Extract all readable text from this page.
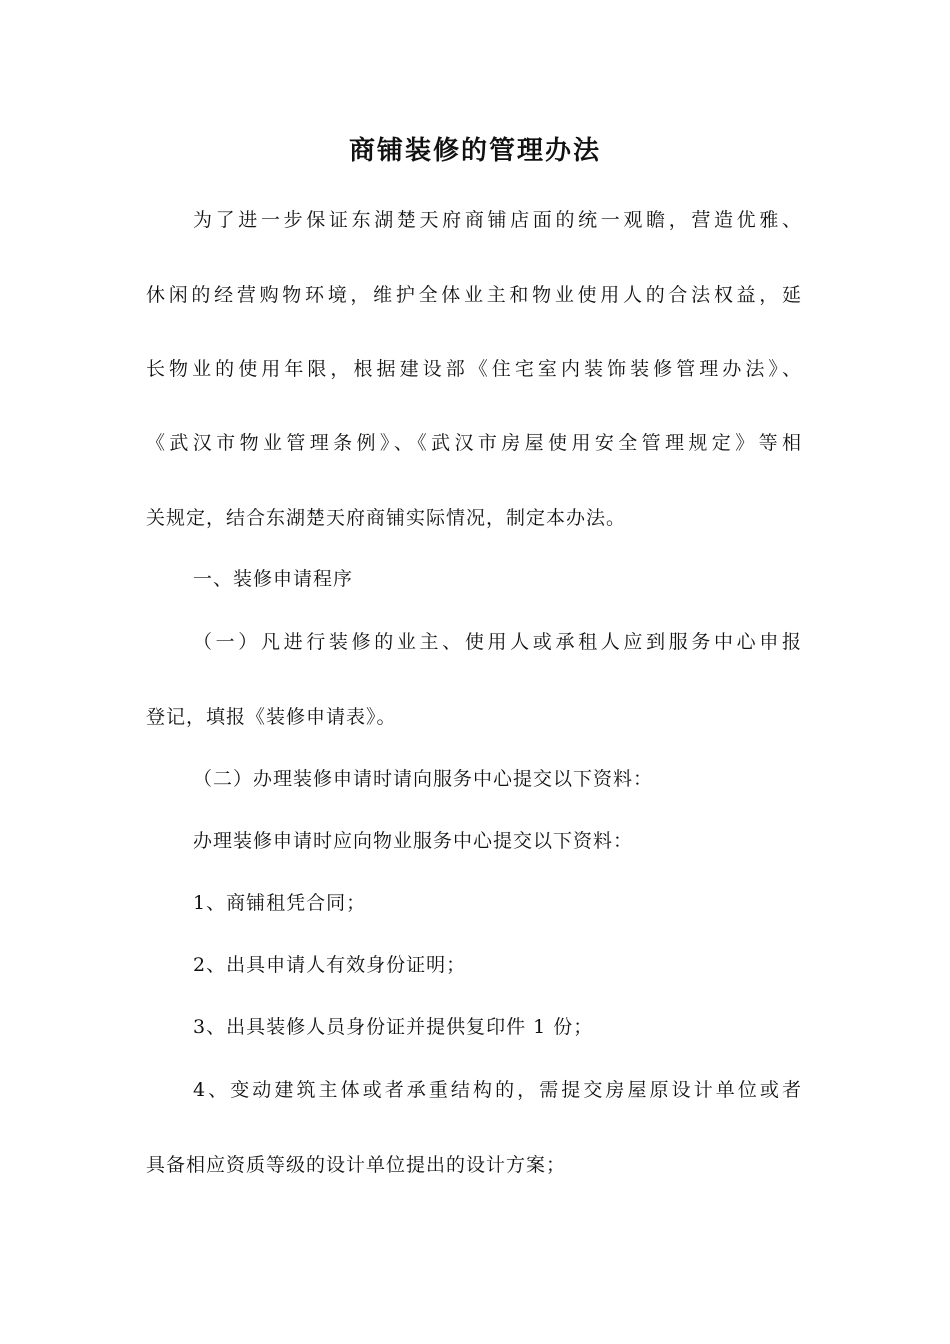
商铺装修的管理办法
为了进一步保证东湖楚天府商铺店面的统一观瞻，营造优雅、
休闲的经营购物环境，维护全体业主和物业使用人的合法权益，延
长物业的使用年限，根据建设部《住宅室内装饰装修管理办法》、
《武汉市物业管理条例》、《武汉市房屋使用安全管理规定》等相
关规定，结合东湖楚天府商铺实际情况，制定本办法。
一、装修申请程序
（一）凡进行装修的业主、使用人或承租人应到服务中心申报
登记，填报《装修申请表》。
（二）办理装修申请时请向服务中心提交以下资料：
办理装修申请时应向物业服务中心提交以下资料：
1、商铺租凭合同；
2、出具申请人有效身份证明；
3、出具装修人员身份证并提供复印件 1 份；
4、变动建筑主体或者承重结构的，需提交房屋原设计单位或者
具备相应资质等级的设计单位提出的设计方案；
